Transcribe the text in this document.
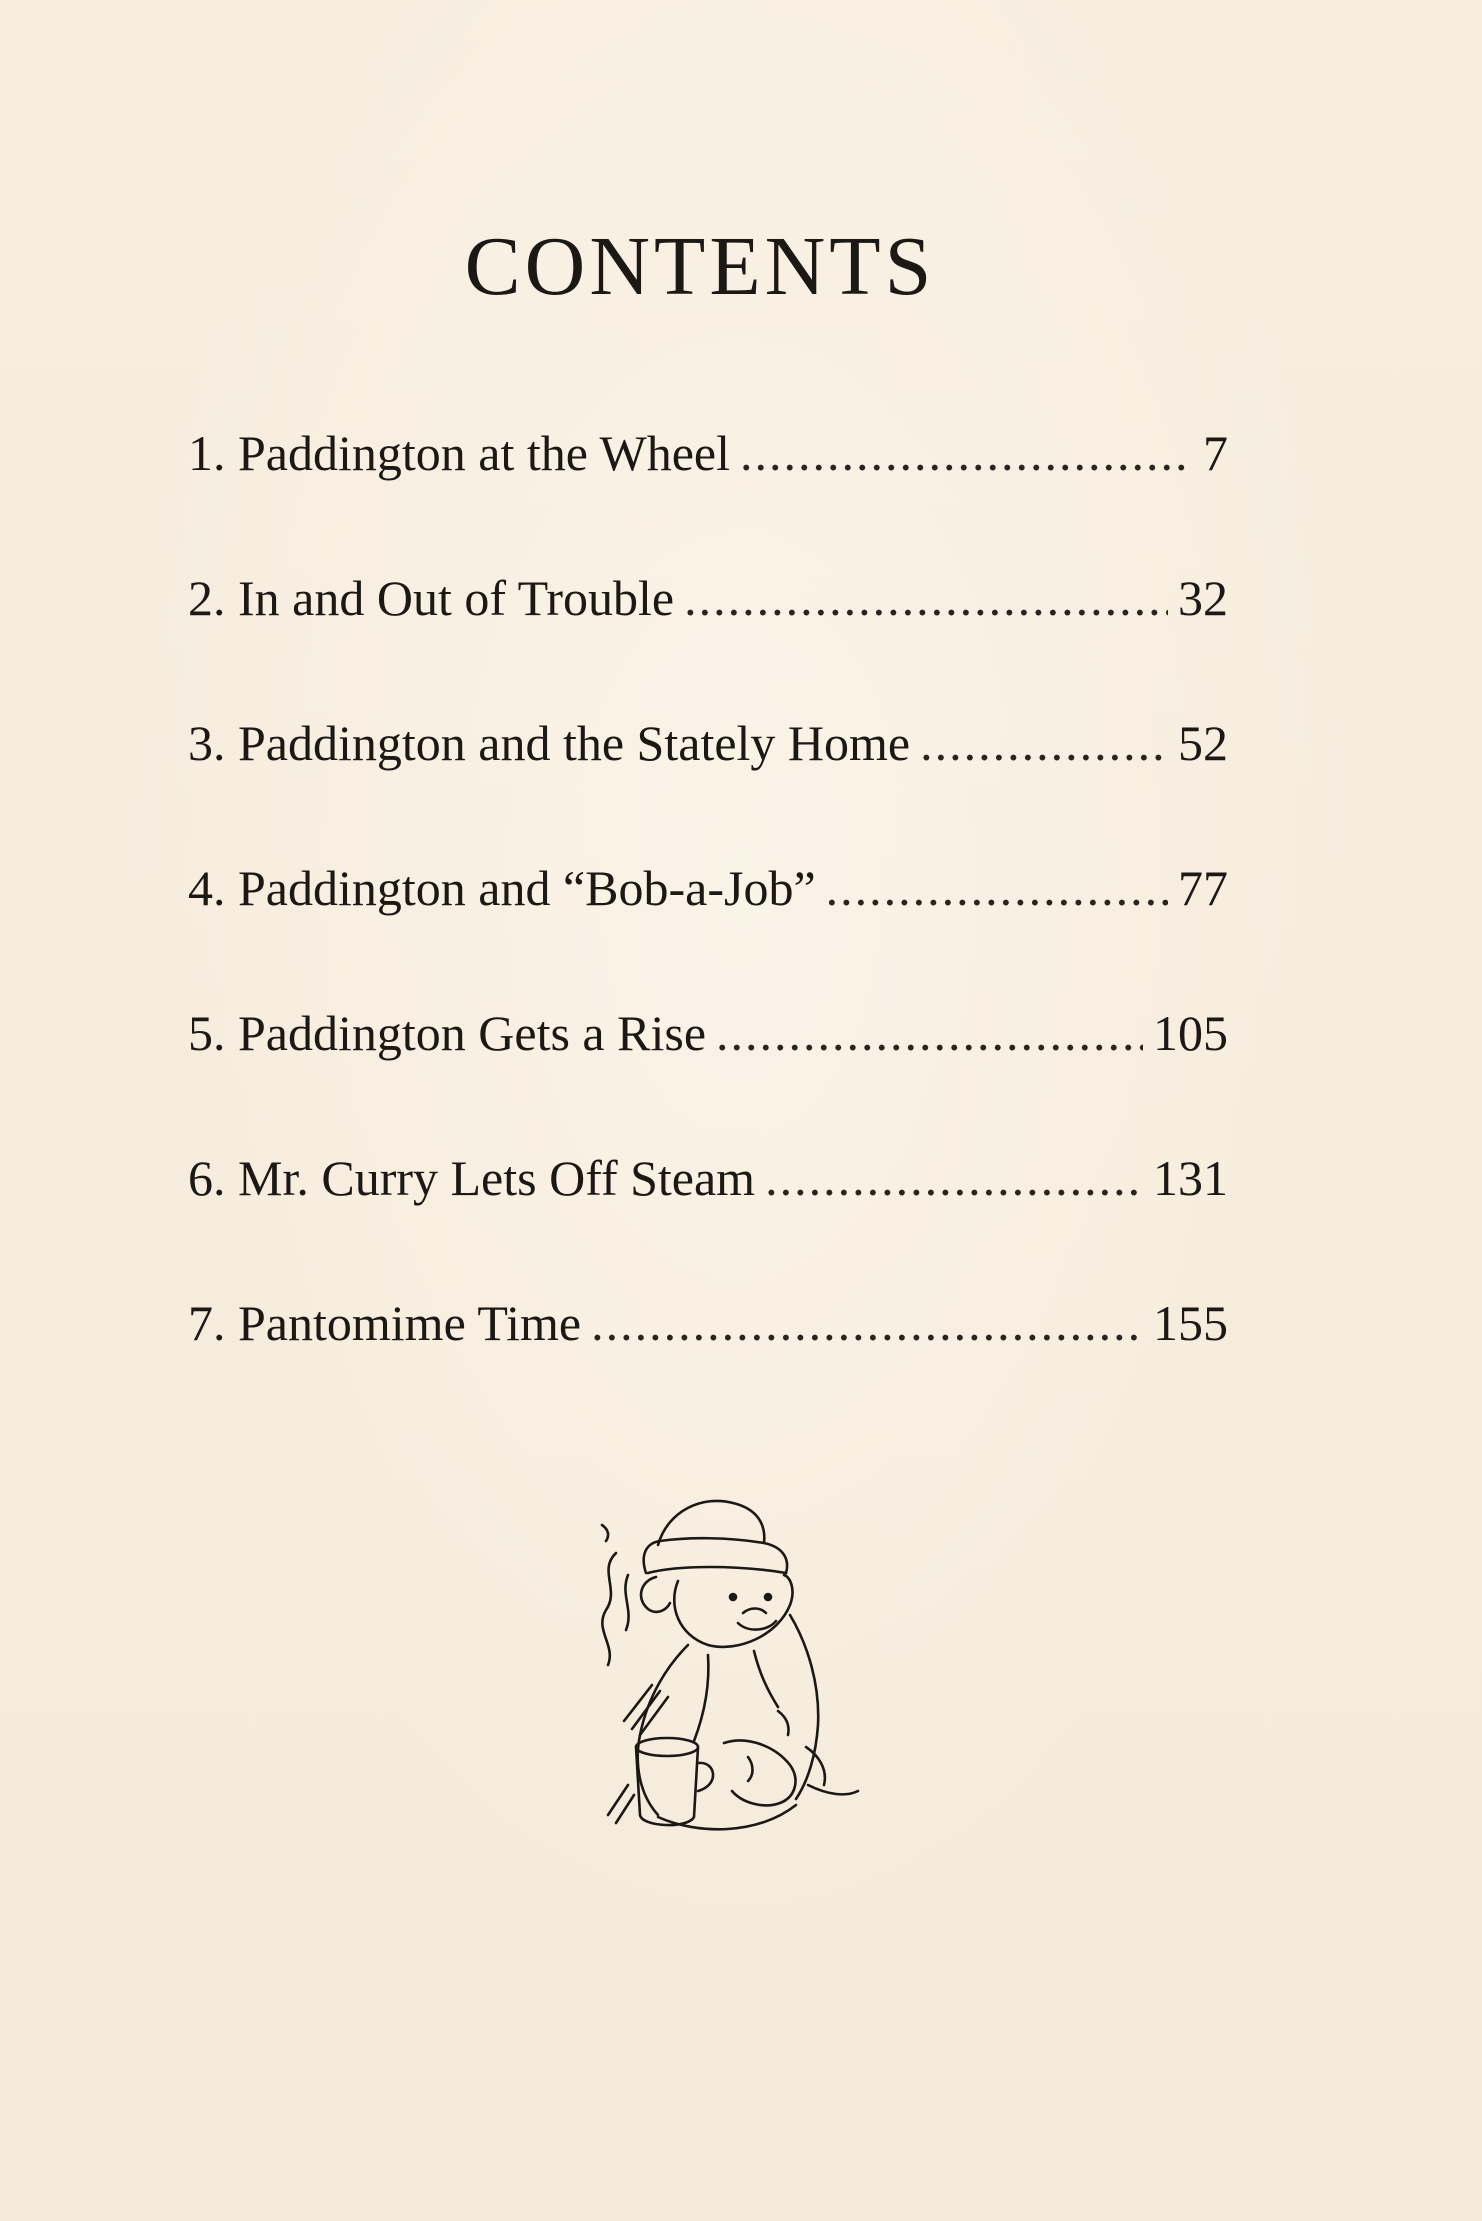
CONTENTS
1. Paddington at the Wheel .....	7
2. In and Out of Trouble .....	32
3. Paddington and the Stately Home .....	52
4. Paddington and “Bob-a-Job” .....	77
5. Paddington Gets a Rise .....	105
6. Mr. Curry Lets Off Steam .....	131
7. Pantomime Time .....	155
